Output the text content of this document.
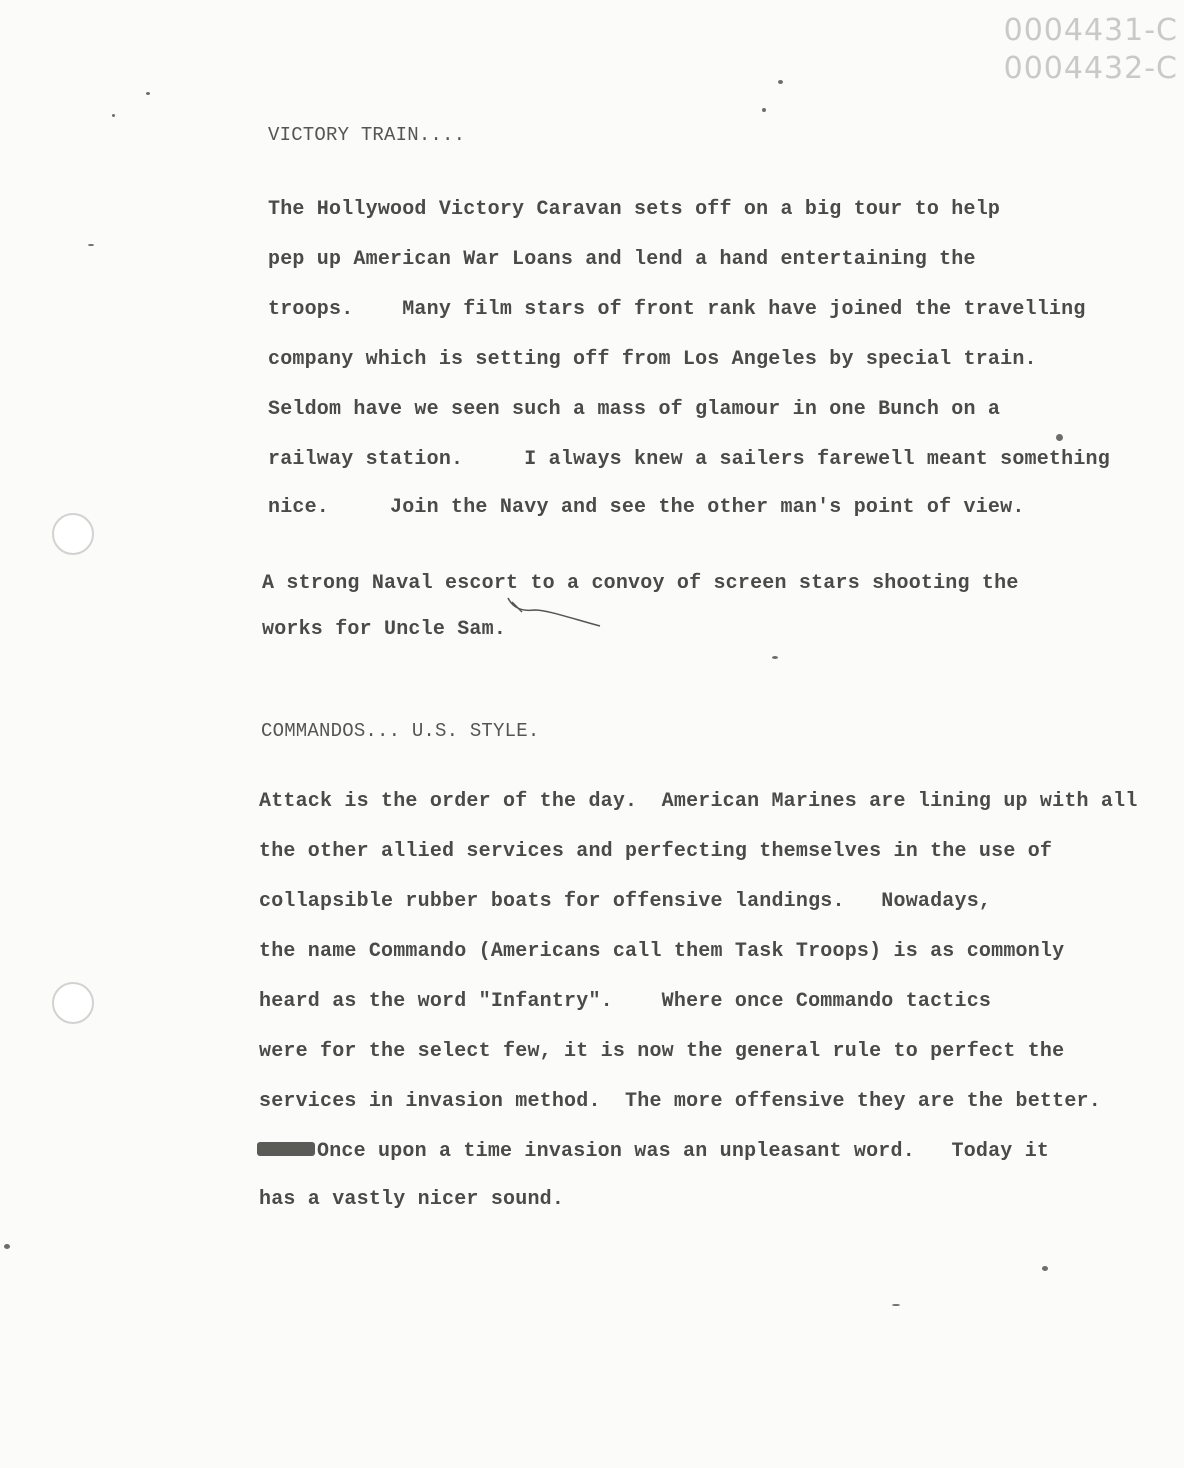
0004431-C
0004432-C
VICTORY TRAIN....

The Hollywood Victory Caravan sets off on a big tour to help

pep up American War Loans and lend a hand entertaining the

troops.    Many film stars of front rank have joined the travelling

company which is setting off from Los Angeles by special train.

Seldom have we seen such a mass of glamour in one Bunch on a

railway station.     I always knew a sailers farewell meant something

nice.     Join the Navy and see the other man's point of view.

A strong Naval escort to a convoy of screen stars shooting the

works for Uncle Sam.

COMMANDOS... U.S. STYLE.

Attack is the order of the day.  American Marines are lining up with all

the other allied services and perfecting themselves in the use of

collapsible rubber boats for offensive landings.   Nowadays,

the name Commando (Americans call them Task Troops) is as commonly

heard as the word "Infantry".    Where once Commando tactics

were for the select few, it is now the general rule to perfect the

services in invasion method.  The more offensive they are the better.

Once upon a time invasion was an unpleasant word.   Today it

has a vastly nicer sound.
